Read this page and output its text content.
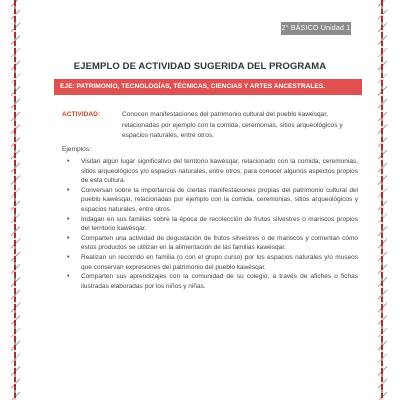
2° BÁSICO Unidad 1
EJEMPLO DE ACTIVIDAD SUGERIDA DEL PROGRAMA
EJE: PATRIMONIO, TECNOLOGÍAS, TÉCNICAS, CIENCIAS Y ARTES ANCESTRALES.
ACTIVIDAD:	Conocen manifestaciones del patrimonio cultural del pueblo kawésqar, relacionadas por ejemplo con la comida, ceremonias, sitios arqueológicos y espacios naturales, entre otros.
Ejemplos:
• Visitan algún lugar significativo del territorio kawésqar, relacionado con la comida, ceremonias, sitios arqueológicos y/o espacios naturales, entre otros, para conocer algunos aspectos propios de esta cultura.
• Conversan sobre la importancia de ciertas manifestaciones propias del patrimonio cultural del pueblo kawésqar, relacionadas por ejemplo con la comida, ceremonias, sitios arqueológicos y espacios naturales, entre otros.
• Indagan en sus familias sobre la época de recolección de frutos silvestres o mariscos propios del territorio kawésqar.
• Comparten una actividad de degustación de frutos silvestres o de mariscos y comentan cómo estos productos se utilizan en la alimentación de las familias kawésqar.
• Realizan un recorrido en familia (o con el grupo curso) por los espacios naturales y/o museos que conservan expresiones del patrimonio del pueblo kawésqar.
• Comparten sus aprendizajes con la comunidad de su colegio, a través de afiches o fichas ilustradas elaboradas por los niños y niñas.
